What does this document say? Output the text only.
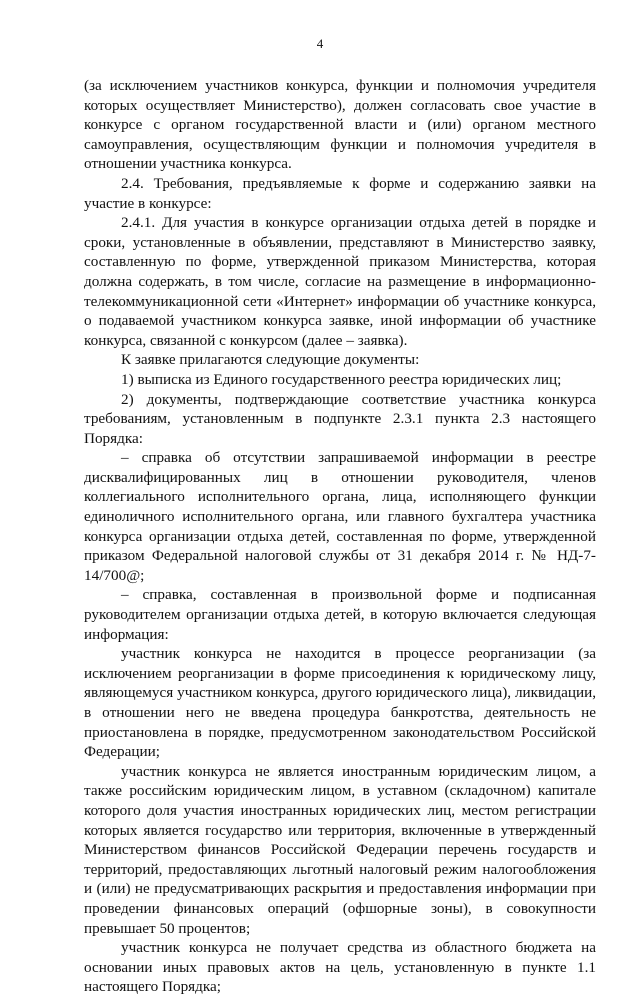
4

(за исключением участников конкурса, функции и полномочия учредителя которых осуществляет Министерство), должен согласовать свое участие в конкурсе с органом государственной власти и (или) органом местного самоуправления, осуществляющим функции и полномочия учредителя в отношении участника конкурса.

2.4. Требования, предъявляемые к форме и содержанию заявки на участие в конкурсе:

2.4.1. Для участия в конкурсе организации отдыха детей в порядке и сроки, установленные в объявлении, представляют в Министерство заявку, составленную по форме, утвержденной приказом Министерства, которая должна содержать, в том числе, согласие на размещение в информационно-телекоммуникационной сети «Интернет» информации об участнике конкурса, о подаваемой участником конкурса заявке, иной информации об участнике конкурса, связанной с конкурсом (далее – заявка).

К заявке прилагаются следующие документы:

1) выписка из Единого государственного реестра юридических лиц;

2) документы, подтверждающие соответствие участника конкурса требованиям, установленным в подпункте 2.3.1 пункта 2.3 настоящего Порядка:

– справка об отсутствии запрашиваемой информации в реестре дисквалифицированных лиц в отношении руководителя, членов коллегиального исполнительного органа, лица, исполняющего функции единоличного исполнительного органа, или главного бухгалтера участника конкурса организации отдыха детей, составленная по форме, утвержденной приказом Федеральной налоговой службы от 31 декабря 2014 г. № НД-7-14/700@;

– справка, составленная в произвольной форме и подписанная руководителем организации отдыха детей, в которую включается следующая информация:

участник конкурса не находится в процессе реорганизации (за исключением реорганизации в форме присоединения к юридическому лицу, являющемуся участником конкурса, другого юридического лица), ликвидации, в отношении него не введена процедура банкротства, деятельность не приостановлена в порядке, предусмотренном законодательством Российской Федерации;

участник конкурса не является иностранным юридическим лицом, а также российским юридическим лицом, в уставном (складочном) капитале которого доля участия иностранных юридических лиц, местом регистрации которых является государство или территория, включенные в утвержденный Министерством финансов Российской Федерации перечень государств и территорий, предоставляющих льготный налоговый режим налогообложения и (или) не предусматривающих раскрытия и предоставления информации при проведении финансовых операций (офшорные зоны), в совокупности превышает 50 процентов;

участник конкурса не получает средства из областного бюджета на основании иных правовых актов на цель, установленную в пункте 1.1 настоящего Порядка;
